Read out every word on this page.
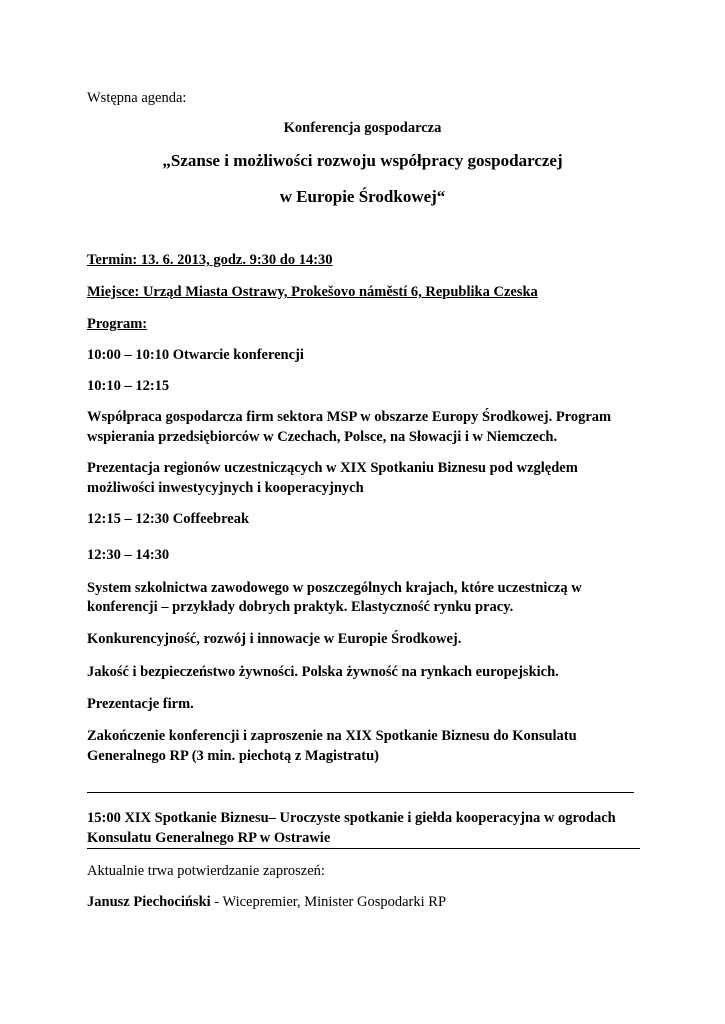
Wstępna agenda:
Konferencja gospodarcza
„Szanse i możliwości rozwoju współpracy gospodarczej
w Europie Środkowej“
Termin: 13. 6. 2013, godz. 9:30 do 14:30
Miejsce: Urząd Miasta Ostrawy, Prokešovo náměstí 6, Republika Czeska
Program:
10:00 – 10:10 Otwarcie konferencji
10:10 – 12:15
Współpraca gospodarcza firm sektora MSP w obszarze Europy Środkowej. Program
wspierania przedsiębiorców w Czechach, Polsce, na Słowacji i w Niemczech.
Prezentacja regionów uczestniczących w XIX Spotkaniu Biznesu pod względem
możliwości inwestycyjnych i kooperacyjnych
12:15 – 12:30 Coffeebreak
12:30 – 14:30
System szkolnictwa zawodowego w poszczególnych krajach, które uczestniczą w
konferencji – przykłady dobrych praktyk. Elastyczność rynku pracy.
Konkurencyjność, rozwój i innowacje w Europie Środkowej.
Jakość i bezpieczeństwo żywności. Polska żywność na rynkach europejskich.
Prezentacje firm.
Zakończenie konferencji i zaproszenie na XIX Spotkanie Biznesu do Konsulatu
Generalnego RP (3 min. piechotą z Magistratu)
15:00 XIX Spotkanie Biznesu– Uroczyste spotkanie i giełda kooperacyjna w ogrodach
Konsulatu Generalnego RP w Ostrawie
Aktualnie trwa potwierdzanie zaproszeń:
Janusz Piechociński - Wicepremier, Minister Gospodarki RP
